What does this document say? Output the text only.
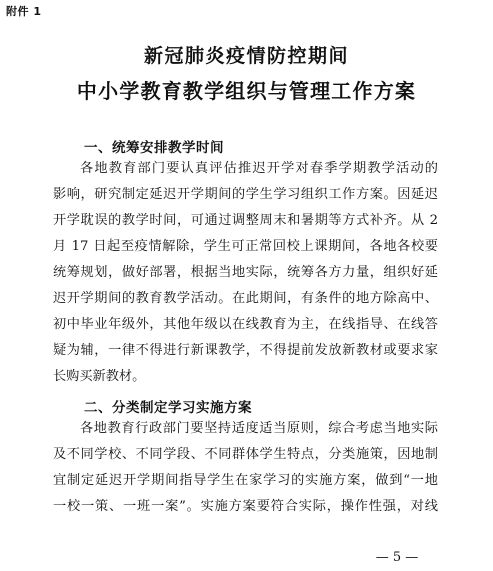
附件 1
新冠肺炎疫情防控期间
中小学教育教学组织与管理工作方案
一、统筹安排教学时间
各地教育部门要认真评估推迟开学对春季学期教学活动的
影响，研究制定延迟开学期间的学生学习组织工作方案。因延迟
开学耽误的教学时间，可通过调整周末和暑期等方式补齐。从 2
月 17 日起至疫情解除，学生可正常回校上课期间，各地各校要
统筹规划，做好部署，根据当地实际，统筹各方力量，组织好延
迟开学期间的教育教学活动。在此期间，有条件的地方除高中、
初中毕业年级外，其他年级以在线教育为主，在线指导、在线答
疑为辅，一律不得进行新课教学，不得提前发放新教材或要求家
长购买新教材。
二、分类制定学习实施方案
各地教育行政部门要坚持适度适当原则，综合考虑当地实际
及不同学校、不同学段、不同群体学生特点，分类施策，因地制
宜制定延迟开学期间指导学生在家学习的实施方案，做到“一地
一校一策、一班一案”。实施方案要符合实际，操作性强，对线
— 5 —
